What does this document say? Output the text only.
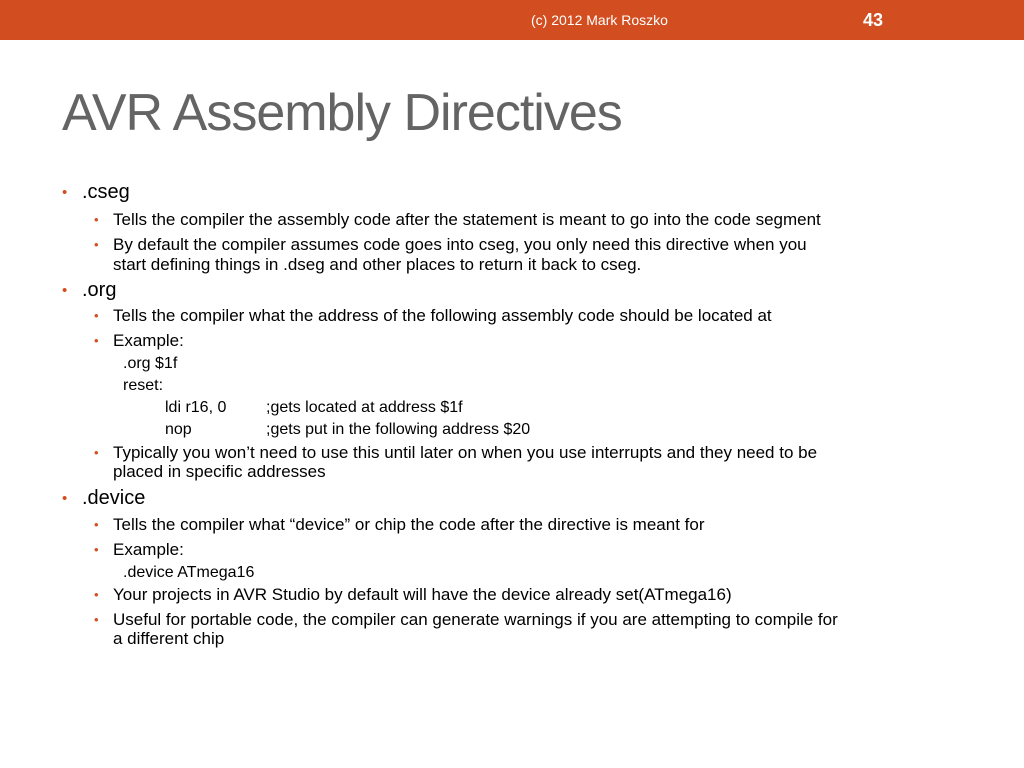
(c) 2012 Mark Roszko	43
AVR Assembly Directives
• .cseg
• Tells the compiler the assembly code after the statement is meant to go into the code segment
• By default the compiler assumes code goes into cseg, you only need this directive when you
start defining things in .dseg and other places to return it back to cseg.
• .org
• Tells the compiler what the address of the following assembly code should be located at
• Example:
.org $1f
reset:
ldi r16, 0 ;gets located at address $1f
nop	;gets put in the following address $20
• Typically you won’t need to use this until later on when you use interrupts and they need to be
placed in specific addresses
• .device
• Tells the compiler what “device” or chip the code after the directive is meant for
• Example:
.device ATmega16
• Your projects in AVR Studio by default will have the device already set(ATmega16)
• Useful for portable code, the compiler can generate warnings if you are attempting to compile for
a different chip
